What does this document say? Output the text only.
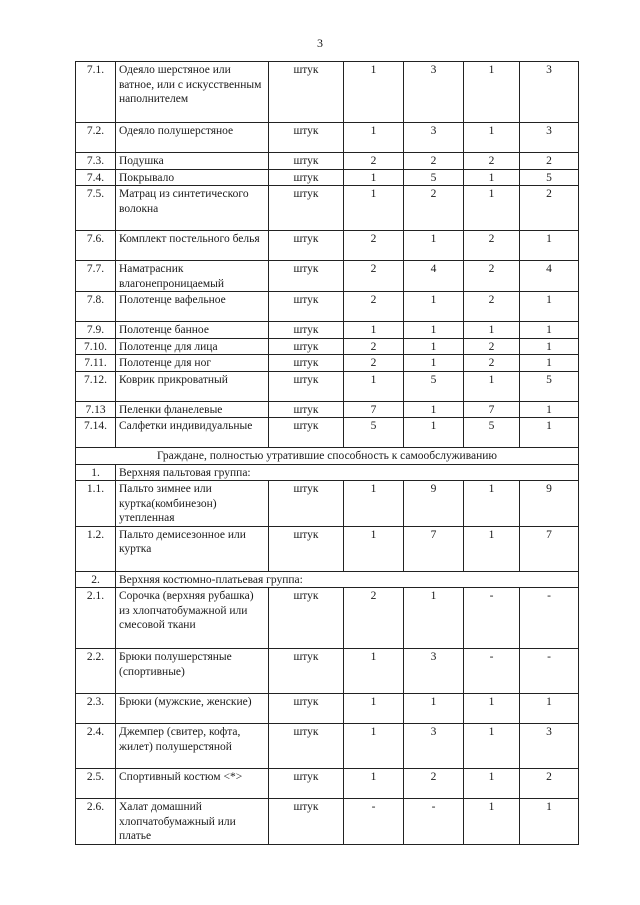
3
7.1.	Одеяло шерстяное или ватное, или с искусственным наполнителем	штук	1	3	1	3
7.2.	Одеяло полушерстяное	штук	1	3	1	3
7.3.	Подушка	штук	2	2	2	2
7.4.	Покрывало	штук	1	5	1	5
7.5.	Матрац из синтетического волокна	штук	1	2	1	2
7.6.	Комплект постельного белья	штук	2	1	2	1
7.7.	Наматрасник влагонепроницаемый	штук	2	4	2	4
7.8.	Полотенце вафельное	штук	2	1	2	1
7.9.	Полотенце банное	штук	1	1	1	1
7.10.	Полотенце для лица	штук	2	1	2	1
7.11.	Полотенце для ног	штук	2	1	2	1
7.12.	Коврик прикроватный	штук	1	5	1	5
7.13	Пеленки фланелевые	штук	7	1	7	1
7.14.	Салфетки индивидуальные	штук	5	1	5	1
Граждане, полностью утратившие способность к самообслуживанию						
1.	Верхняя пальтовая группа:					
1.1.	Пальто зимнее или куртка(комбинезон) утепленная	штук	1	9	1	9
1.2.	Пальто демисезонное или куртка	штук	1	7	1	7
2.	Верхняя костюмно-платьевая группа:					
2.1.	Сорочка (верхняя рубашка) из хлопчатобумажной или смесовой ткани	штук	2	1	-	-
2.2.	Брюки полушерстяные (спортивные)	штук	1	3	-	-
2.3.	Брюки (мужские, женские)	штук	1	1	1	1
2.4.	Джемпер (свитер, кофта, жилет) полушерстяной	штук	1	3	1	3
2.5.	Спортивный костюм <*>	штук	1	2	1	2
2.6.	Халат домашний хлопчатобумажный или платье	штук	-	-	1	1
